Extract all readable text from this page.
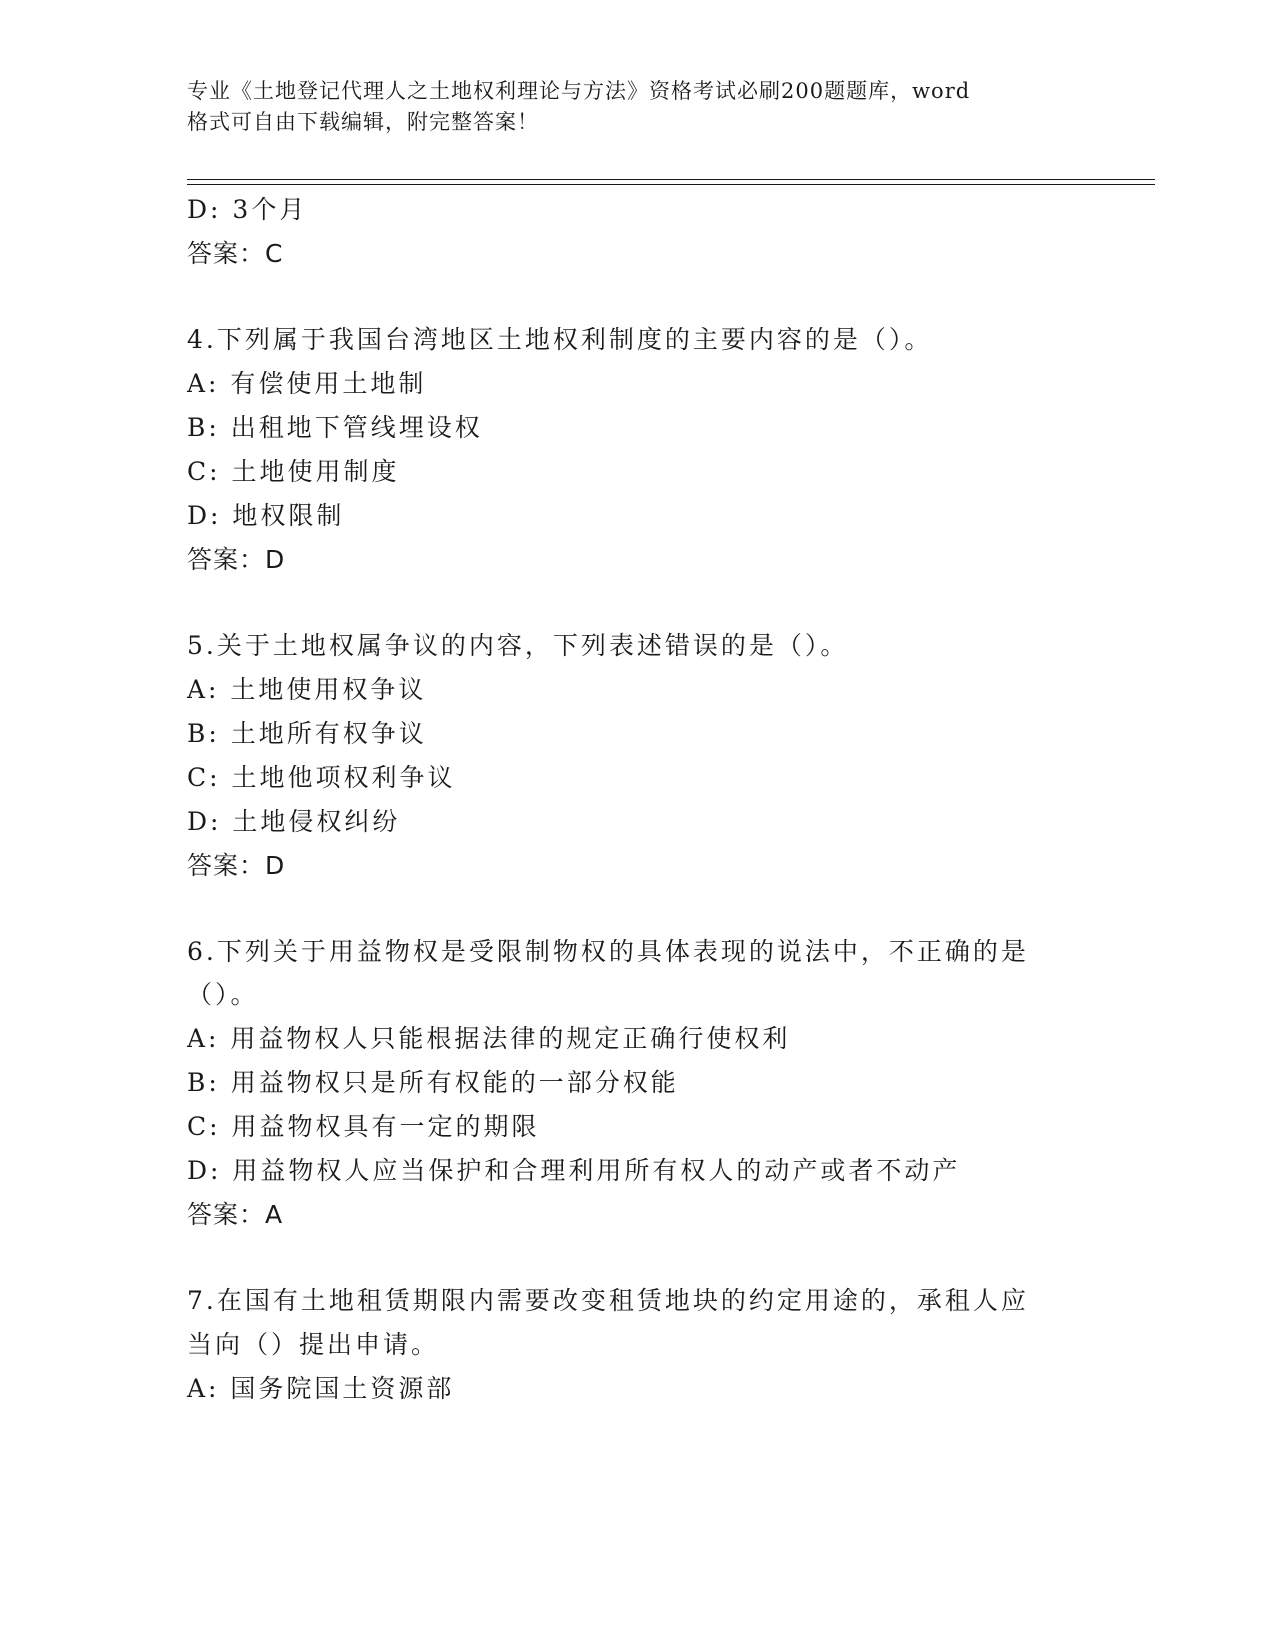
专业《土地登记代理人之土地权利理论与方法》资格考试必刷200题题库，word
格式可自由下载编辑，附完整答案！
D: 3个月
答案：C
4.下列属于我国台湾地区土地权利制度的主要内容的是（）。
A: 有偿使用土地制
B: 出租地下管线埋设权
C: 土地使用制度
D: 地权限制
答案：D
5.关于土地权属争议的内容，下列表述错误的是（）。
A: 土地使用权争议
B: 土地所有权争议
C: 土地他项权利争议
D: 土地侵权纠纷
答案：D
6.下列关于用益物权是受限制物权的具体表现的说法中，不正确的是
（）。
A: 用益物权人只能根据法律的规定正确行使权利
B: 用益物权只是所有权能的一部分权能
C: 用益物权具有一定的期限
D: 用益物权人应当保护和合理利用所有权人的动产或者不动产
答案：A
7.在国有土地租赁期限内需要改变租赁地块的约定用途的，承租人应
当向（）提出申请。
A: 国务院国土资源部
